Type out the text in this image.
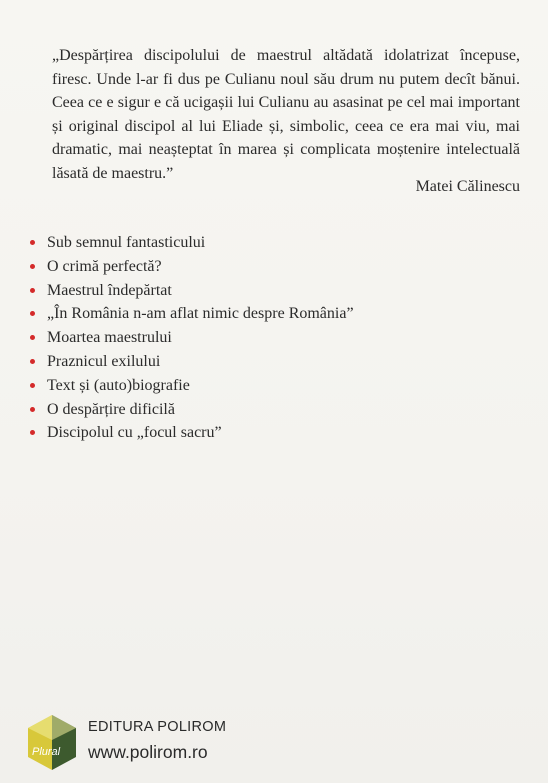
„Despărțirea discipolului de maestrul altădată idolatrizat începuse, firesc. Unde l-ar fi dus pe Culianu noul său drum nu putem decît bănui. Ceea ce e sigur e că ucigașii lui Culianu au asasinat pe cel mai important și original discipol al lui Eliade și, simbolic, ceea ce era mai viu, mai dramatic, mai neașteptat în marea și complicata moștenire intelectuală lăsată de maestru.”

Matei Călinescu
Sub semnul fantasticului
O crimă perfectă?
Maestrul îndepărtat
„În România n-am aflat nimic despre România”
Moartea maestrului
Praznicul exilului
Text și (auto)biografie
O despărțire dificilă
Discipolul cu „focul sacru”
Plural
EDITURA POLIROM
www.polirom.ro
